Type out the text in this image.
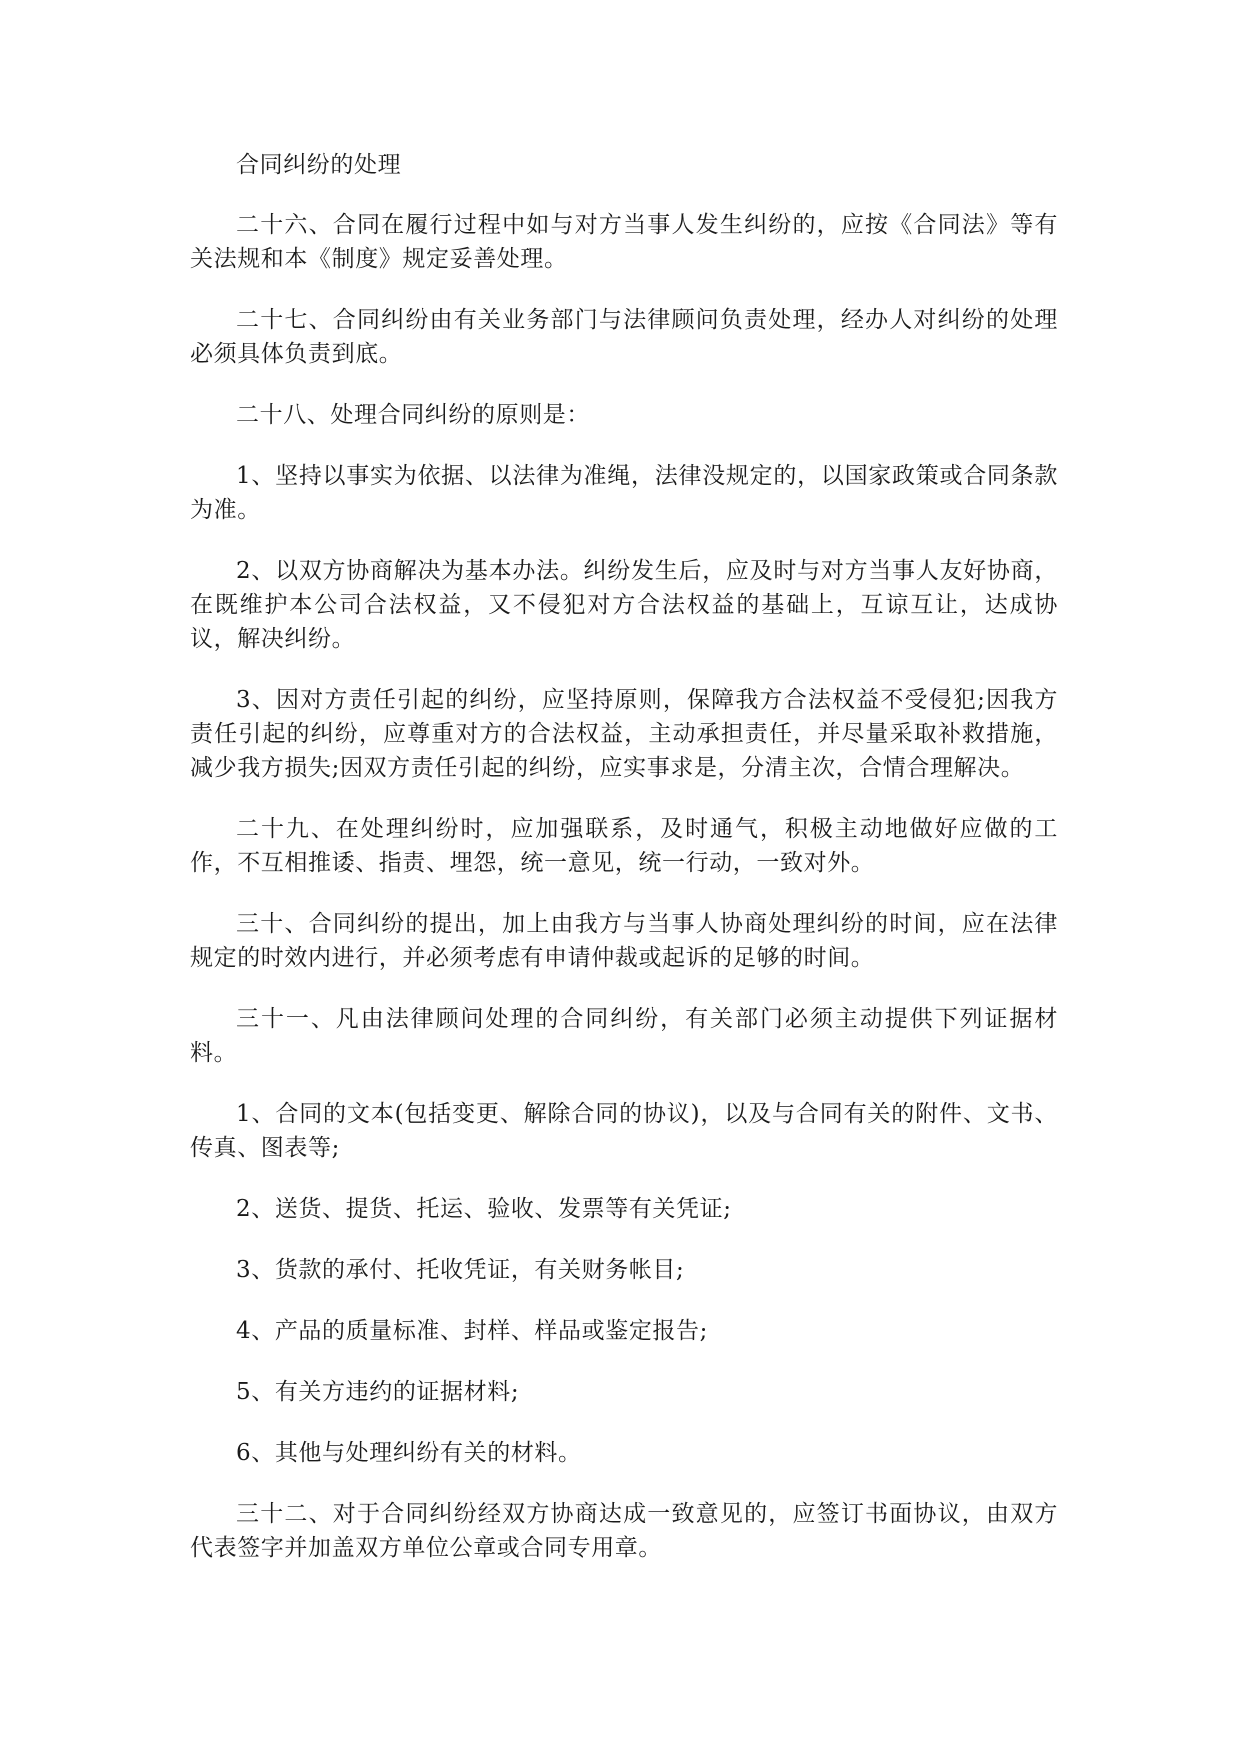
合同纠纷的处理

二十六、合同在履行过程中如与对方当事人发生纠纷的，应按《合同法》等有关法规和本《制度》规定妥善处理。

二十七、合同纠纷由有关业务部门与法律顾问负责处理，经办人对纠纷的处理必须具体负责到底。

二十八、处理合同纠纷的原则是：

1、坚持以事实为依据、以法律为准绳，法律没规定的，以国家政策或合同条款为准。

2、以双方协商解决为基本办法。纠纷发生后，应及时与对方当事人友好协商，在既维护本公司合法权益，又不侵犯对方合法权益的基础上，互谅互让，达成协议，解决纠纷。

3、因对方责任引起的纠纷，应坚持原则，保障我方合法权益不受侵犯;因我方责任引起的纠纷，应尊重对方的合法权益，主动承担责任，并尽量采取补救措施，减少我方损失;因双方责任引起的纠纷，应实事求是，分清主次，合情合理解决。

二十九、在处理纠纷时，应加强联系，及时通气，积极主动地做好应做的工作，不互相推诿、指责、埋怨，统一意见，统一行动，一致对外。

三十、合同纠纷的提出，加上由我方与当事人协商处理纠纷的时间，应在法律规定的时效内进行，并必须考虑有申请仲裁或起诉的足够的时间。

三十一、凡由法律顾问处理的合同纠纷，有关部门必须主动提供下列证据材料。

1、合同的文本(包括变更、解除合同的协议)，以及与合同有关的附件、文书、传真、图表等;

2、送货、提货、托运、验收、发票等有关凭证;

3、货款的承付、托收凭证，有关财务帐目;

4、产品的质量标准、封样、样品或鉴定报告;

5、有关方违约的证据材料;

6、其他与处理纠纷有关的材料。

三十二、对于合同纠纷经双方协商达成一致意见的，应签订书面协议，由双方代表签字并加盖双方单位公章或合同专用章。
